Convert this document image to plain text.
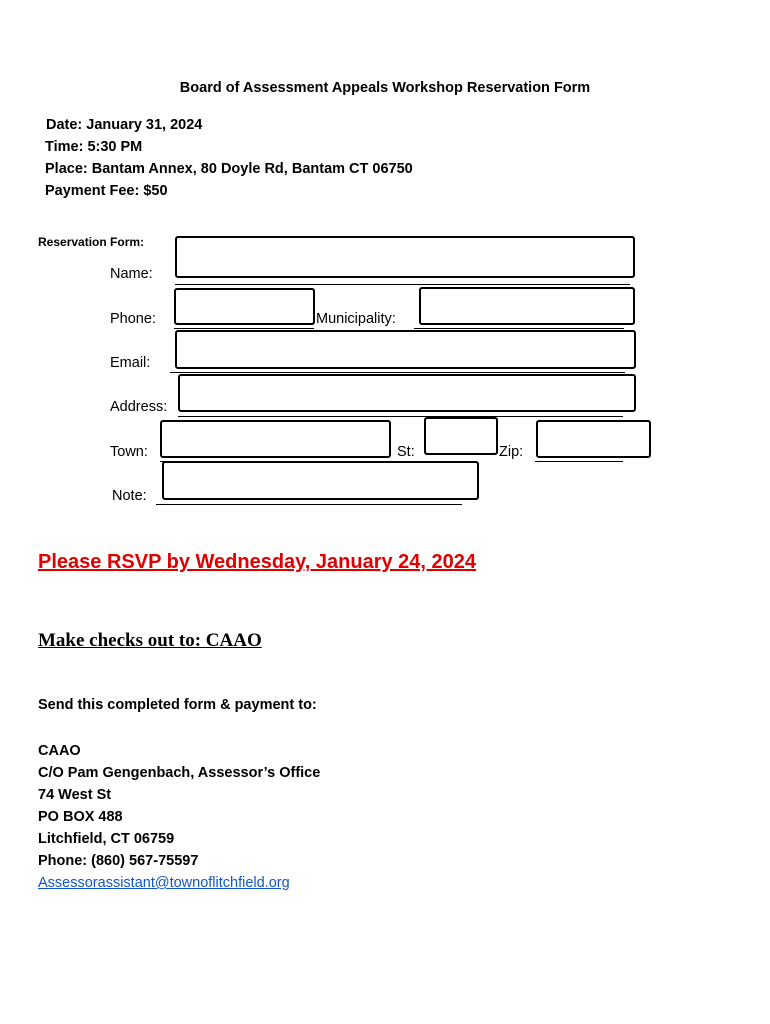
Board of Assessment Appeals Workshop Reservation Form
Date: January 31, 2024
Time: 5:30 PM
Place: Bantam Annex, 80 Doyle Rd, Bantam CT 06750
Payment Fee: $50
Reservation Form:
Name:
Phone:	Municipality:
Email:
Address:
Town:	St:	Zip:
Note:
Please RSVP by Wednesday, January 24, 2024
Make checks out to: CAAO
Send this completed form & payment to:
CAAO
C/O Pam Gengenbach, Assessor’s Office
74 West St
PO BOX 488
Litchfield, CT 06759
Phone: (860) 567-75597
Assessorassistant@townoflitchfield.org
